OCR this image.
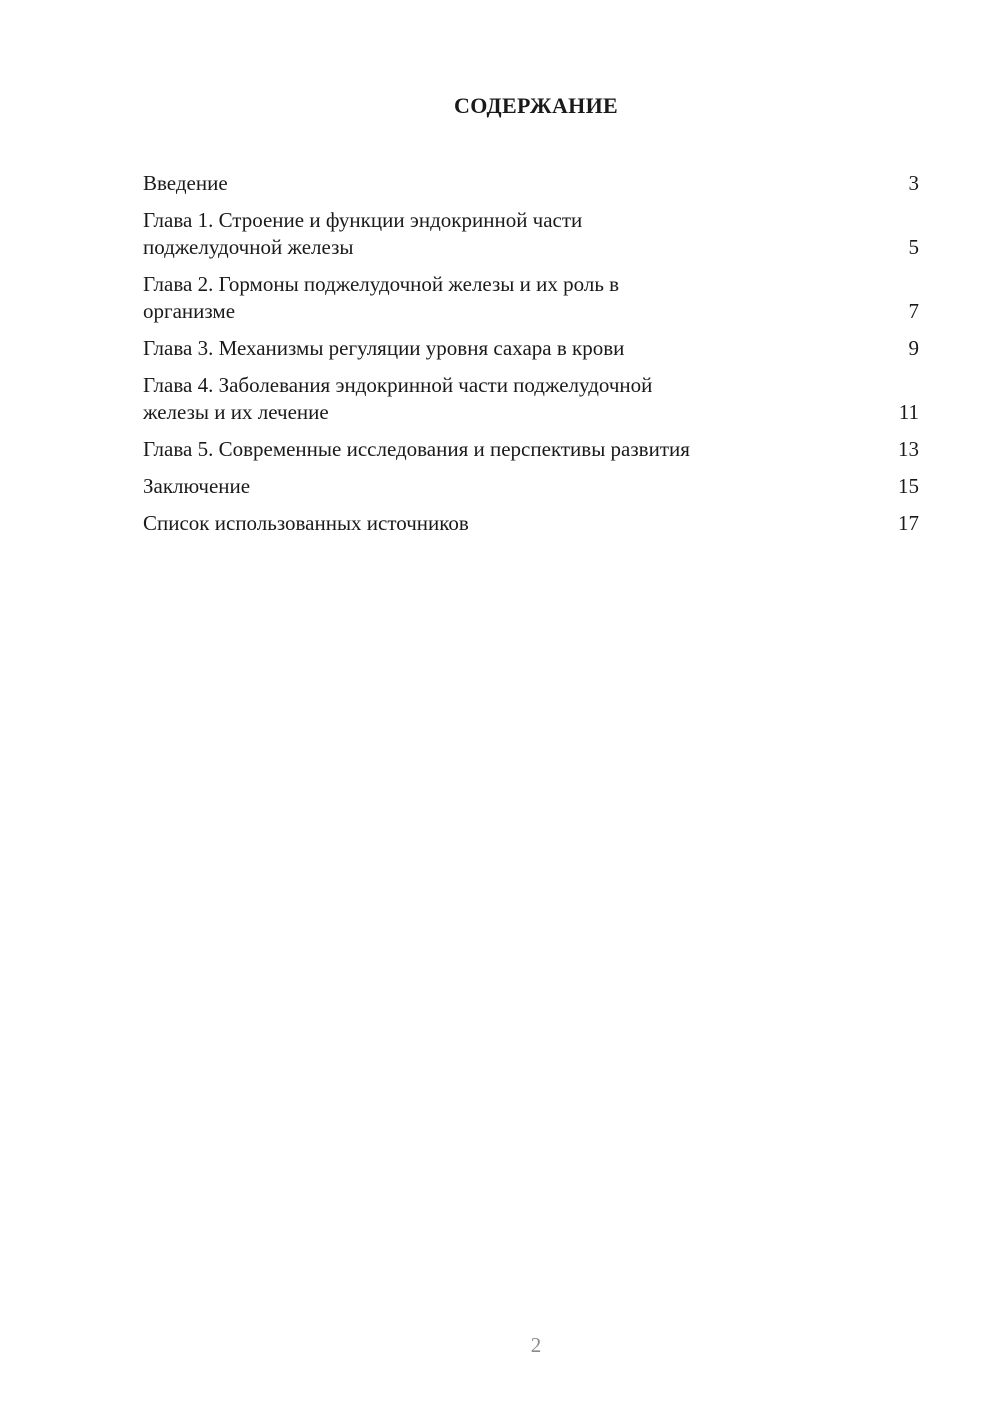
СОДЕРЖАНИЕ
Введение	3
Глава 1. Строение и функции эндокринной части
поджелудочной железы	5
Глава 2. Гормоны поджелудочной железы и их роль в
организме	7
Глава 3. Механизмы регуляции уровня сахара в крови	9
Глава 4. Заболевания эндокринной части поджелудочной
железы и их лечение	11
Глава 5. Современные исследования и перспективы развития	13
Заключение	15
Список использованных источников	17
2
